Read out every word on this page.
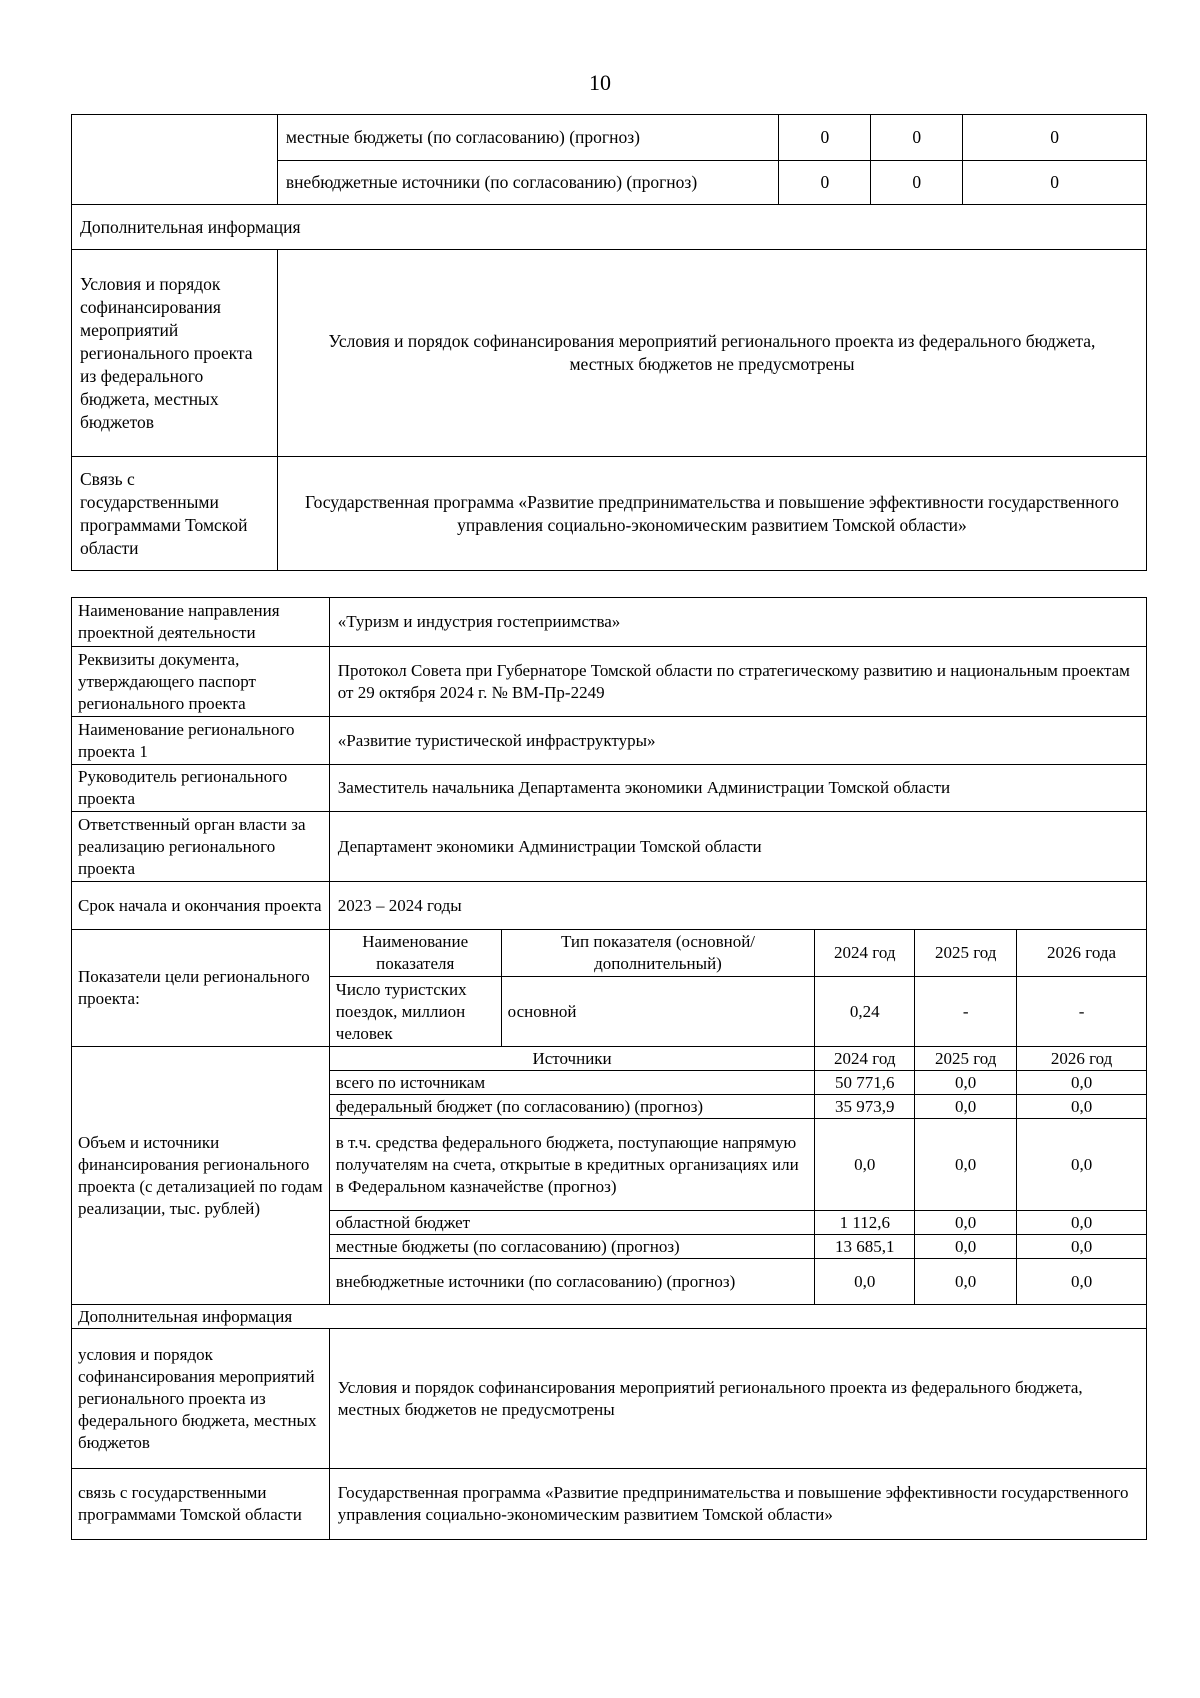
10
	местные бюджеты (по согласованию) (прогноз)	0	0	0
	внебюджетные источники (по согласованию) (прогноз)	0	0	0
Дополнительная информация				
Условия и порядок софинансирования мероприятий регионального проекта из федерального бюджета, местных бюджетов	Условия и порядок софинансирования мероприятий регионального проекта из федерального бюджета, местных бюджетов не предусмотрены			
Связь с государственными программами Томской области	Государственная программа «Развитие предпринимательства и повышение эффективности государственного управления социально-экономическим развитием Томской области»			
Наименование направления проектной деятельности	«Туризм и индустрия гостеприимства»				
Реквизиты документа, утверждающего паспорт регионального проекта	Протокол Совета при Губернаторе Томской области по стратегическому развитию и национальным проектам от 29 октября 2024 г. № ВМ-Пр-2249				
Наименование регионального проекта 1	«Развитие туристической инфраструктуры»				
Руководитель регионального проекта	Заместитель начальника Департамента экономики Администрации Томской области				
Ответственный орган власти за реализацию регионального проекта	Департамент экономики Администрации Томской области				
Срок начала и окончания проекта	2023 – 2024 годы				
Показатели цели регионального проекта:	Наименование показателя	Тип показателя (основной/ дополнительный)	2024 год	2025 год	2026 года
	Число туристских поездок, миллион человек	основной	0,24	-	-
Объем и источники финансирования регионального проекта (с детализацией по годам реализации, тыс. рублей)	Источники		2024 год	2025 год	2026 год
	всего по источникам		50 771,6	0,0	0,0
	федеральный бюджет (по согласованию) (прогноз)		35 973,9	0,0	0,0
	в т.ч. средства федерального бюджета, поступающие напрямую получателям на счета, открытые в кредитных организациях или в Федеральном казначействе (прогноз)		0,0	0,0	0,0
	областной бюджет		1 112,6	0,0	0,0
	местные бюджеты (по согласованию) (прогноз)		13 685,1	0,0	0,0
	внебюджетные источники (по согласованию) (прогноз)		0,0	0,0	0,0
Дополнительная информация					
условия и порядок софинансирования мероприятий регионального проекта из федерального бюджета, местных бюджетов	Условия и порядок софинансирования мероприятий регионального проекта из федерального бюджета, местных бюджетов не предусмотрены				
связь с государственными программами Томской области	Государственная программа «Развитие предпринимательства и повышение эффективности государственного управления социально-экономическим развитием Томской области»				
